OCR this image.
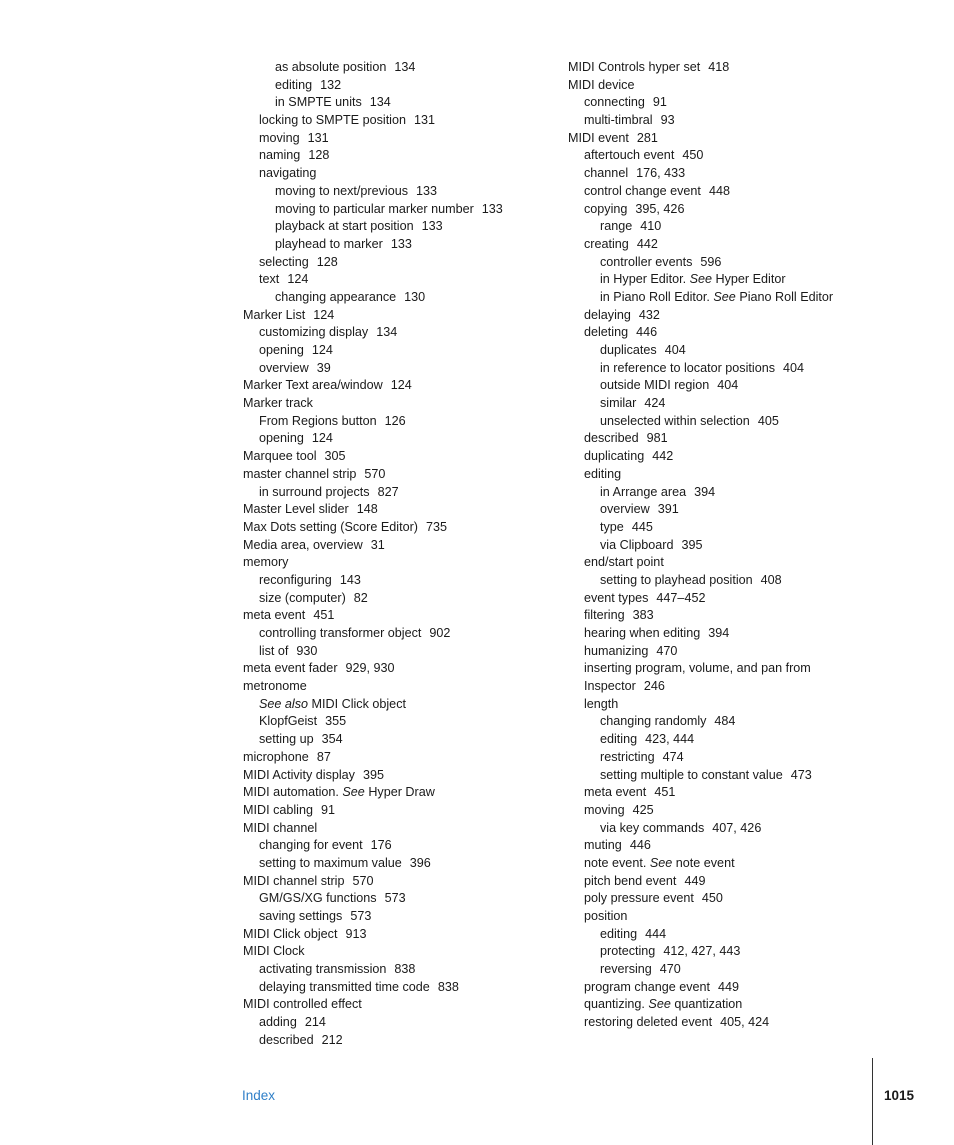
as absolute position 134
editing 132
in SMPTE units 134
locking to SMPTE position 131
moving 131
naming 128
navigating
moving to next/previous 133
moving to particular marker number 133
playback at start position 133
playhead to marker 133
selecting 128
text 124
changing appearance 130
Marker List 124
customizing display 134
opening 124
overview 39
Marker Text area/window 124
Marker track
From Regions button 126
opening 124
Marquee tool 305
master channel strip 570
in surround projects 827
Master Level slider 148
Max Dots setting (Score Editor) 735
Media area, overview 31
memory
reconfiguring 143
size (computer) 82
meta event 451
controlling transformer object 902
list of 930
meta event fader 929, 930
metronome
See also MIDI Click object
KlopfGeist 355
setting up 354
microphone 87
MIDI Activity display 395
MIDI automation. See Hyper Draw
MIDI cabling 91
MIDI channel
changing for event 176
setting to maximum value 396
MIDI channel strip 570
GM/GS/XG functions 573
saving settings 573
MIDI Click object 913
MIDI Clock
activating transmission 838
delaying transmitted time code 838
MIDI controlled effect
adding 214
described 212
MIDI Controls hyper set 418
MIDI device
connecting 91
multi-timbral 93
MIDI event 281
aftertouch event 450
channel 176, 433
control change event 448
copying 395, 426
range 410
creating 442
controller events 596
in Hyper Editor. See Hyper Editor
in Piano Roll Editor. See Piano Roll Editor
delaying 432
deleting 446
duplicates 404
in reference to locator positions 404
outside MIDI region 404
similar 424
unselected within selection 405
described 981
duplicating 442
editing
in Arrange area 394
overview 391
type 445
via Clipboard 395
end/start point
setting to playhead position 408
event types 447–452
filtering 383
hearing when editing 394
humanizing 470
inserting program, volume, and pan from
Inspector 246
length
changing randomly 484
editing 423, 444
restricting 474
setting multiple to constant value 473
meta event 451
moving 425
via key commands 407, 426
muting 446
note event. See note event
pitch bend event 449
poly pressure event 450
position
editing 444
protecting 412, 427, 443
reversing 470
program change event 449
quantizing. See quantization
restoring deleted event 405, 424
Index	1015
